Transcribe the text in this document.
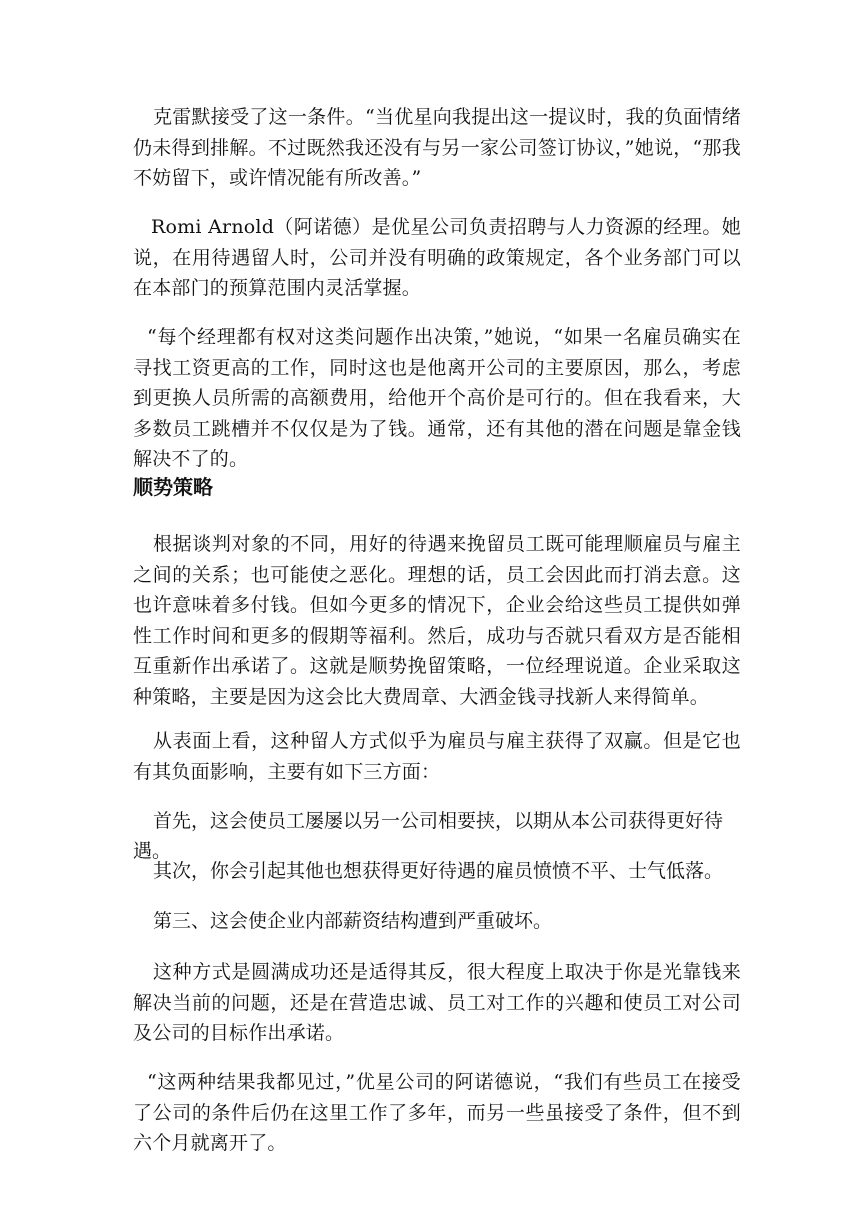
克雷默接受了这一条件。“当优星向我提出这一提议时，我的负面情绪仍未得到排解。不过既然我还没有与另一家公司签订协议，”她说，“那我不妨留下，或许情况能有所改善。”

Romi Arnold（阿诺德）是优星公司负责招聘与人力资源的经理。她说，在用待遇留人时，公司并没有明确的政策规定，各个业务部门可以在本部门的预算范围内灵活掌握。

“每个经理都有权对这类问题作出决策，”她说，“如果一名雇员确实在寻找工资更高的工作，同时这也是他离开公司的主要原因，那么，考虑到更换人员所需的高额费用，给他开个高价是可行的。但在我看来，大多数员工跳槽并不仅仅是为了钱。通常，还有其他的潜在问题是靠金钱解决不了的。

顺势策略

根据谈判对象的不同，用好的待遇来挽留员工既可能理顺雇员与雇主之间的关系；也可能使之恶化。理想的话，员工会因此而打消去意。这也许意味着多付钱。但如今更多的情况下，企业会给这些员工提供如弹性工作时间和更多的假期等福利。然后，成功与否就只看双方是否能相互重新作出承诺了。这就是顺势挽留策略，一位经理说道。企业采取这种策略，主要是因为这会比大费周章、大洒金钱寻找新人来得简单。

从表面上看，这种留人方式似乎为雇员与雇主获得了双赢。但是它也有其负面影响，主要有如下三方面：

首先，这会使员工屡屡以另一公司相要挟，以期从本公司获得更好待遇。

其次，你会引起其他也想获得更好待遇的雇员愤愤不平、士气低落。

第三、这会使企业内部薪资结构遭到严重破坏。

这种方式是圆满成功还是适得其反，很大程度上取决于你是光靠钱来解决当前的问题，还是在营造忠诚、员工对工作的兴趣和使员工对公司及公司的目标作出承诺。

“这两种结果我都见过，”优星公司的阿诺德说，“我们有些员工在接受了公司的条件后仍在这里工作了多年，而另一些虽接受了条件，但不到六个月就离开了。
